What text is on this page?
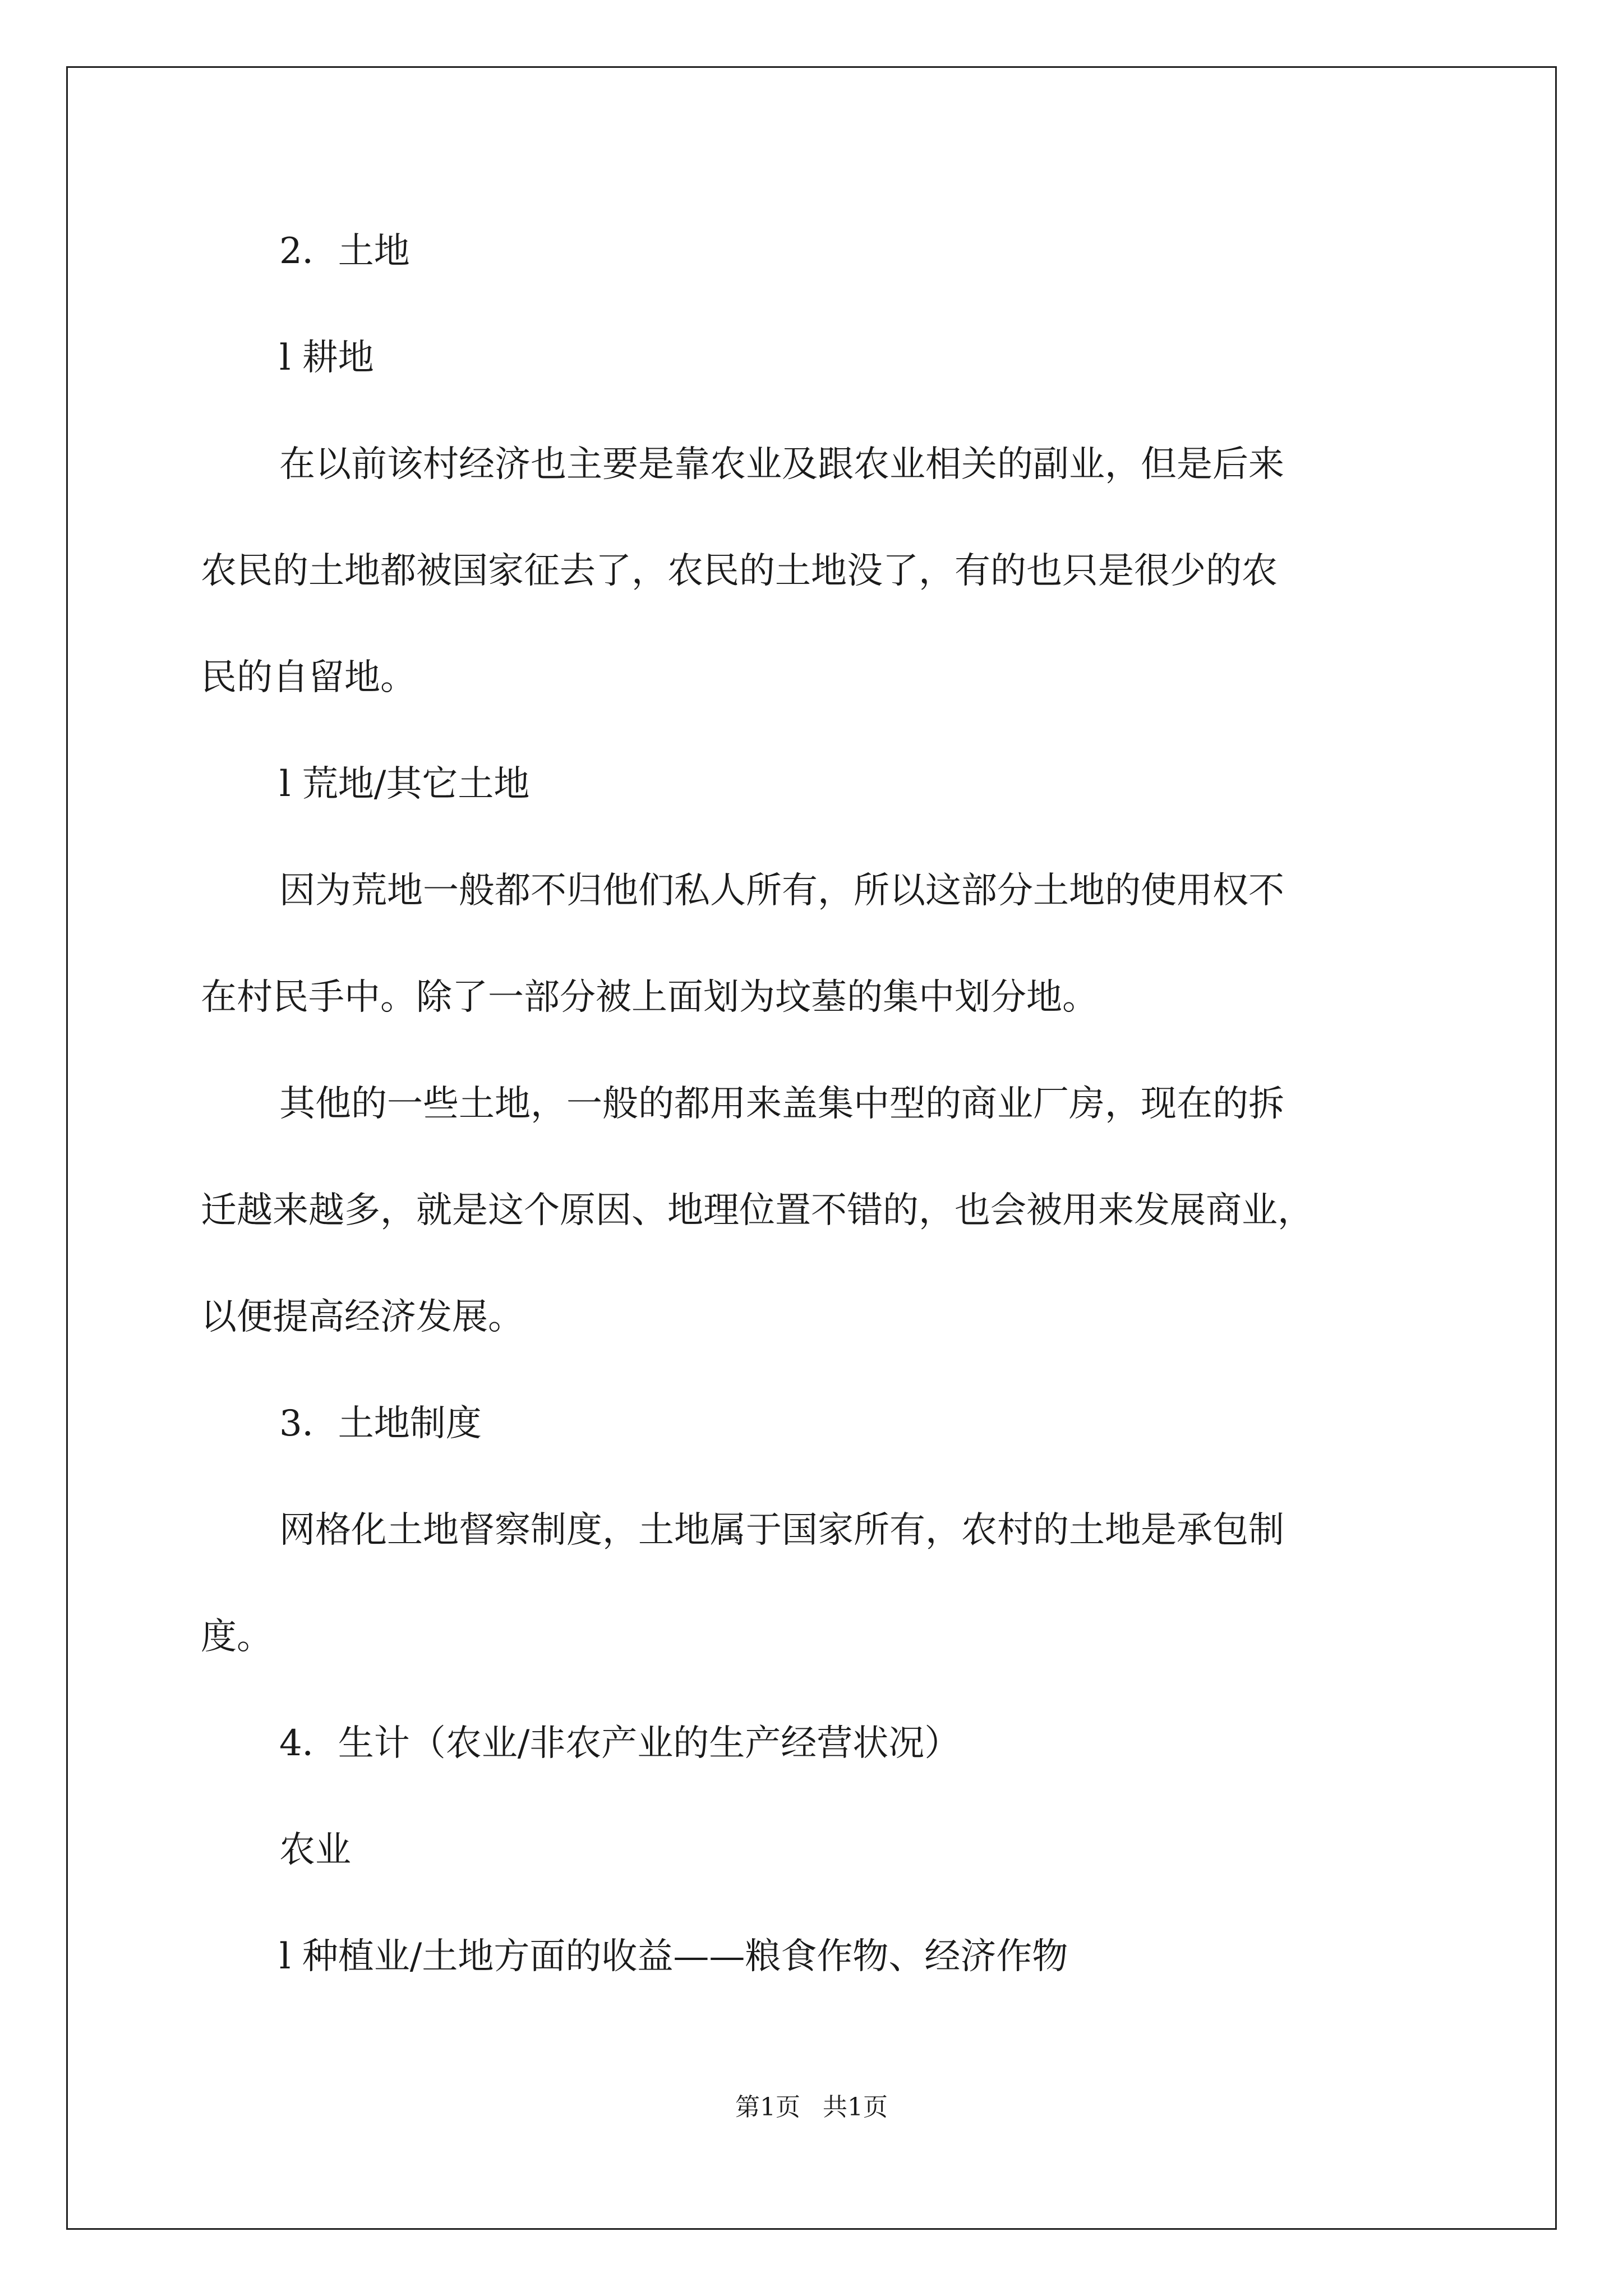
2．土地
l 耕地
在以前该村经济也主要是靠农业及跟农业相关的副业，但是后来
农民的土地都被国家征去了，农民的土地没了，有的也只是很少的农
民的自留地。
l 荒地/其它土地
因为荒地一般都不归他们私人所有，所以这部分土地的使用权不
在村民手中。除了一部分被上面划为坟墓的集中划分地。
其他的一些土地，一般的都用来盖集中型的商业厂房，现在的拆
迁越来越多，就是这个原因、地理位置不错的，也会被用来发展商业，
以便提高经济发展。
3．土地制度
网格化土地督察制度，土地属于国家所有，农村的土地是承包制
度。
4．生计（农业/非农产业的生产经营状况）
农业
l 种植业/土地方面的收益——粮食作物、经济作物
第1页 共1页
